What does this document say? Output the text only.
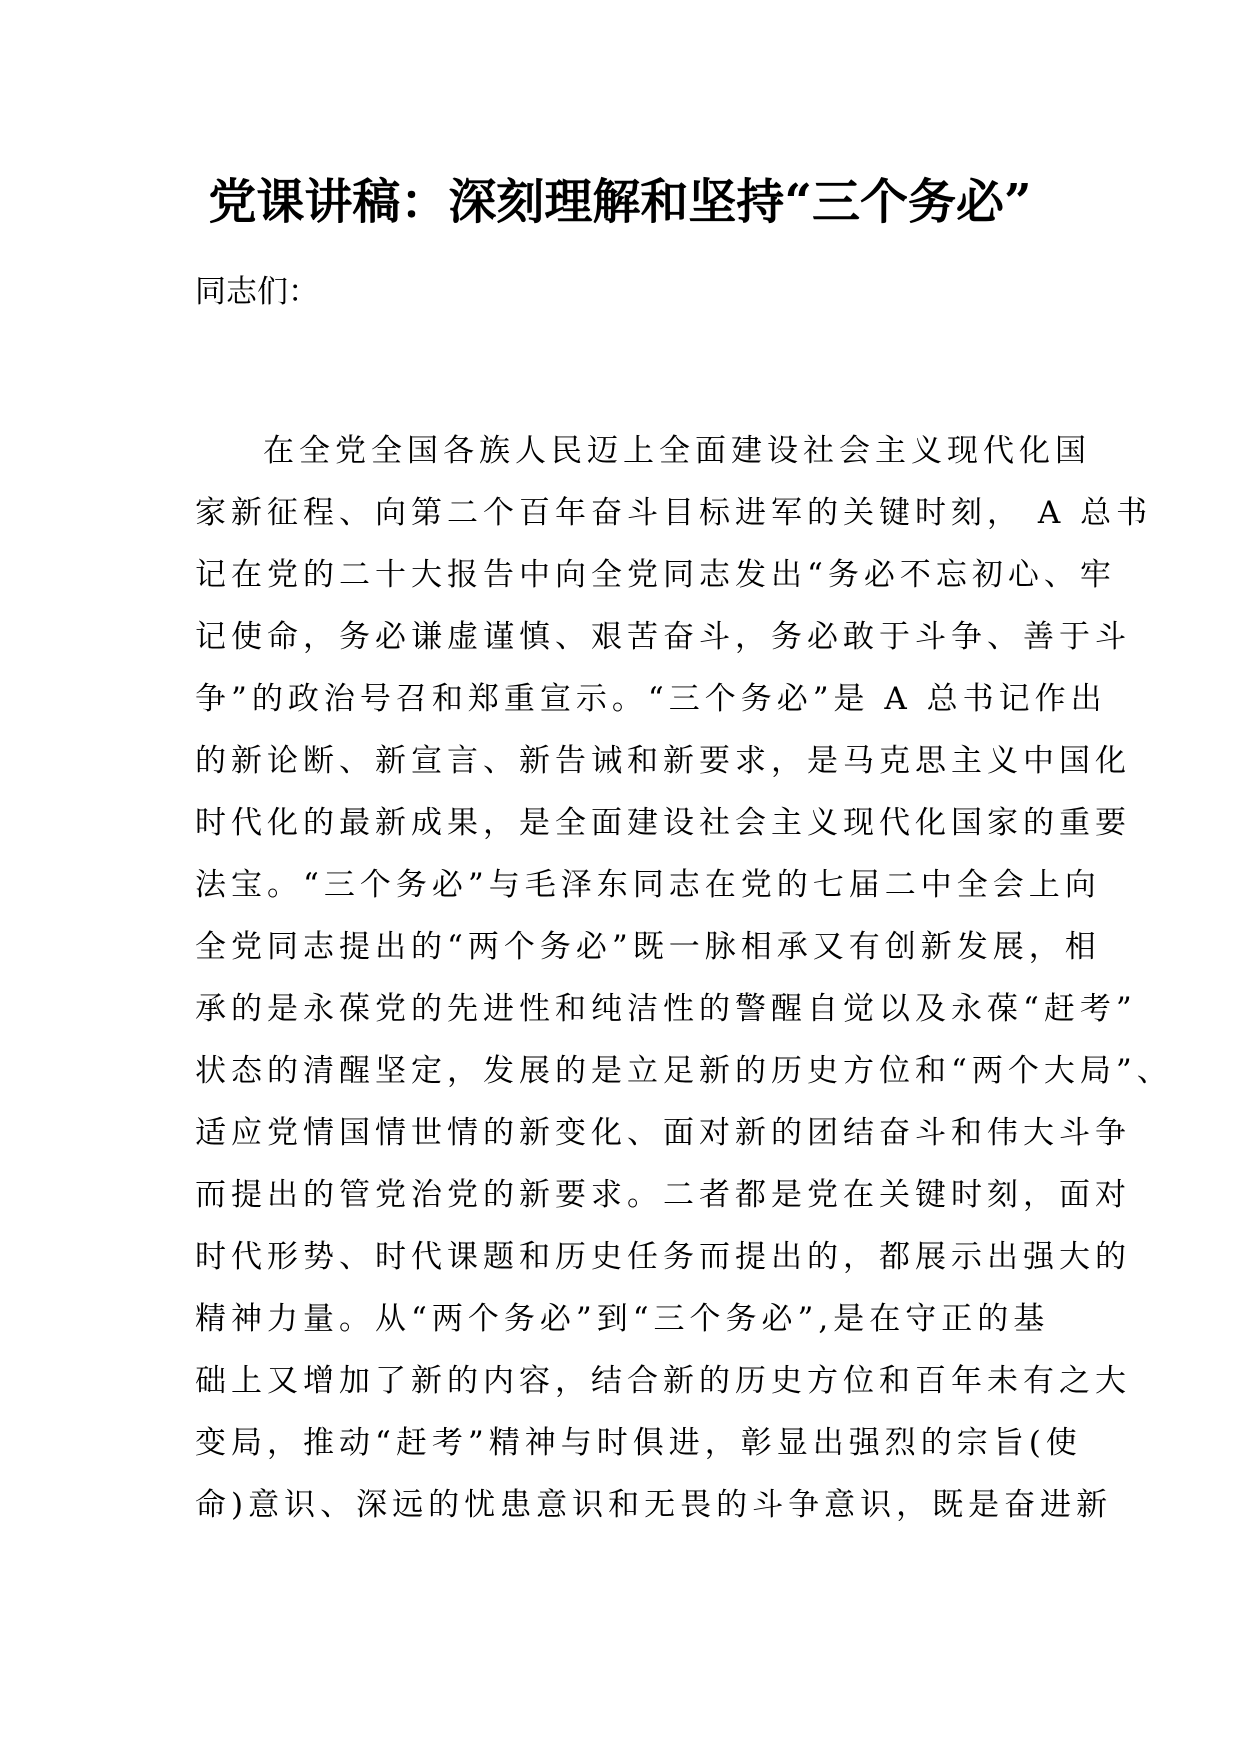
党课讲稿：深刻理解和坚持“三个务必”

同志们：

在全党全国各族人民迈上全面建设社会主义现代化国
家新征程、向第二个百年奋斗目标进军的关键时刻， A 总书
记在党的二十大报告中向全党同志发出“务必不忘初心、牢
记使命，务必谦虚谨慎、艰苦奋斗，务必敢于斗争、善于斗
争”的政治号召和郑重宣示。“三个务必”是 A 总书记作出
的新论断、新宣言、新告诫和新要求，是马克思主义中国化
时代化的最新成果，是全面建设社会主义现代化国家的重要
法宝。“三个务必”与毛泽东同志在党的七届二中全会上向
全党同志提出的“两个务必”既一脉相承又有创新发展，相
承的是永葆党的先进性和纯洁性的警醒自觉以及永葆“赶考”
状态的清醒坚定，发展的是立足新的历史方位和“两个大局”、
适应党情国情世情的新变化、面对新的团结奋斗和伟大斗争
而提出的管党治党的新要求。二者都是党在关键时刻，面对
时代形势、时代课题和历史任务而提出的，都展示出强大的
精神力量。从“两个务必”到“三个务必”,是在守正的基
础上又增加了新的内容，结合新的历史方位和百年未有之大
变局，推动“赶考”精神与时俱进，彰显出强烈的宗旨(使
命)意识、深远的忧患意识和无畏的斗争意识，既是奋进新
